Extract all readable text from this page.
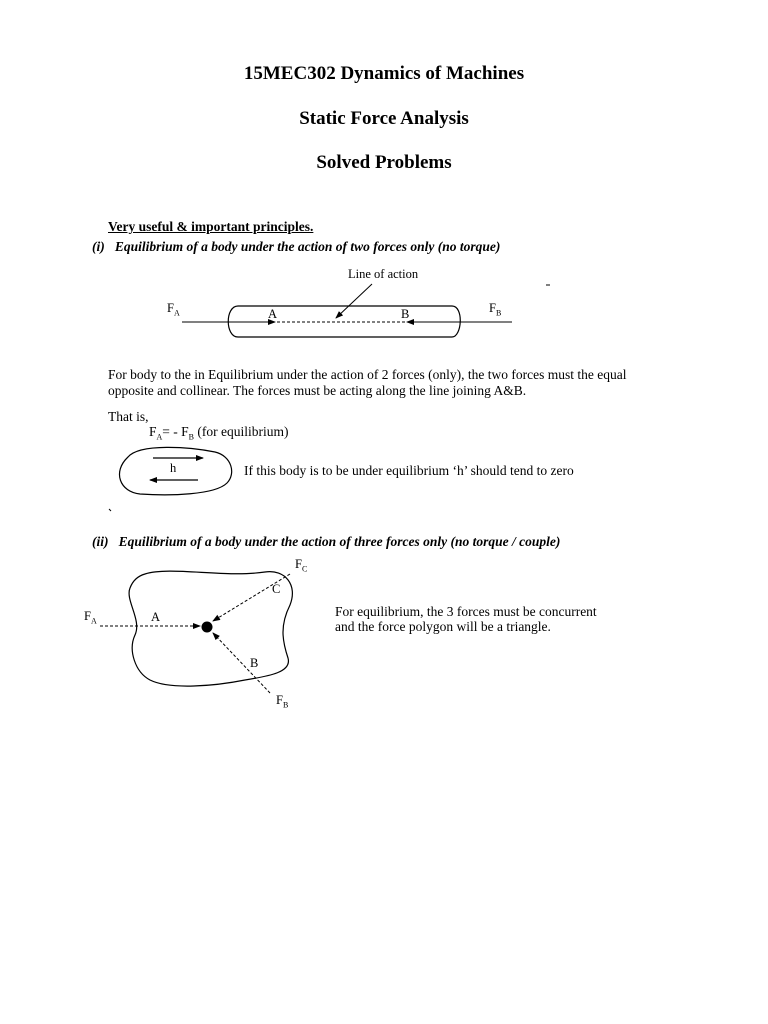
15MEC302 Dynamics of Machines
Static Force Analysis
Solved Problems
Very useful & important principles.
(i) Equilibrium of a body under the action of two forces only (no torque)
Line of action
$F_A$	$F_B$
A	B
For body to the in Equilibrium under the action of 2 forces (only), the two forces must the equal
opposite and collinear. The forces must be acting along the line joining A&B.
That is,
$F_A= - F_B$ (for equilibrium)
h	If this body is to be under equilibrium ‘h’ should tend to zero
(ii) Equilibrium of a body under the action of three forces only (no torque / couple)
$F_C$
C
$F_A$	A
B
$F_B$
For equilibrium, the 3 forces must be concurrent
and the force polygon will be a triangle.
